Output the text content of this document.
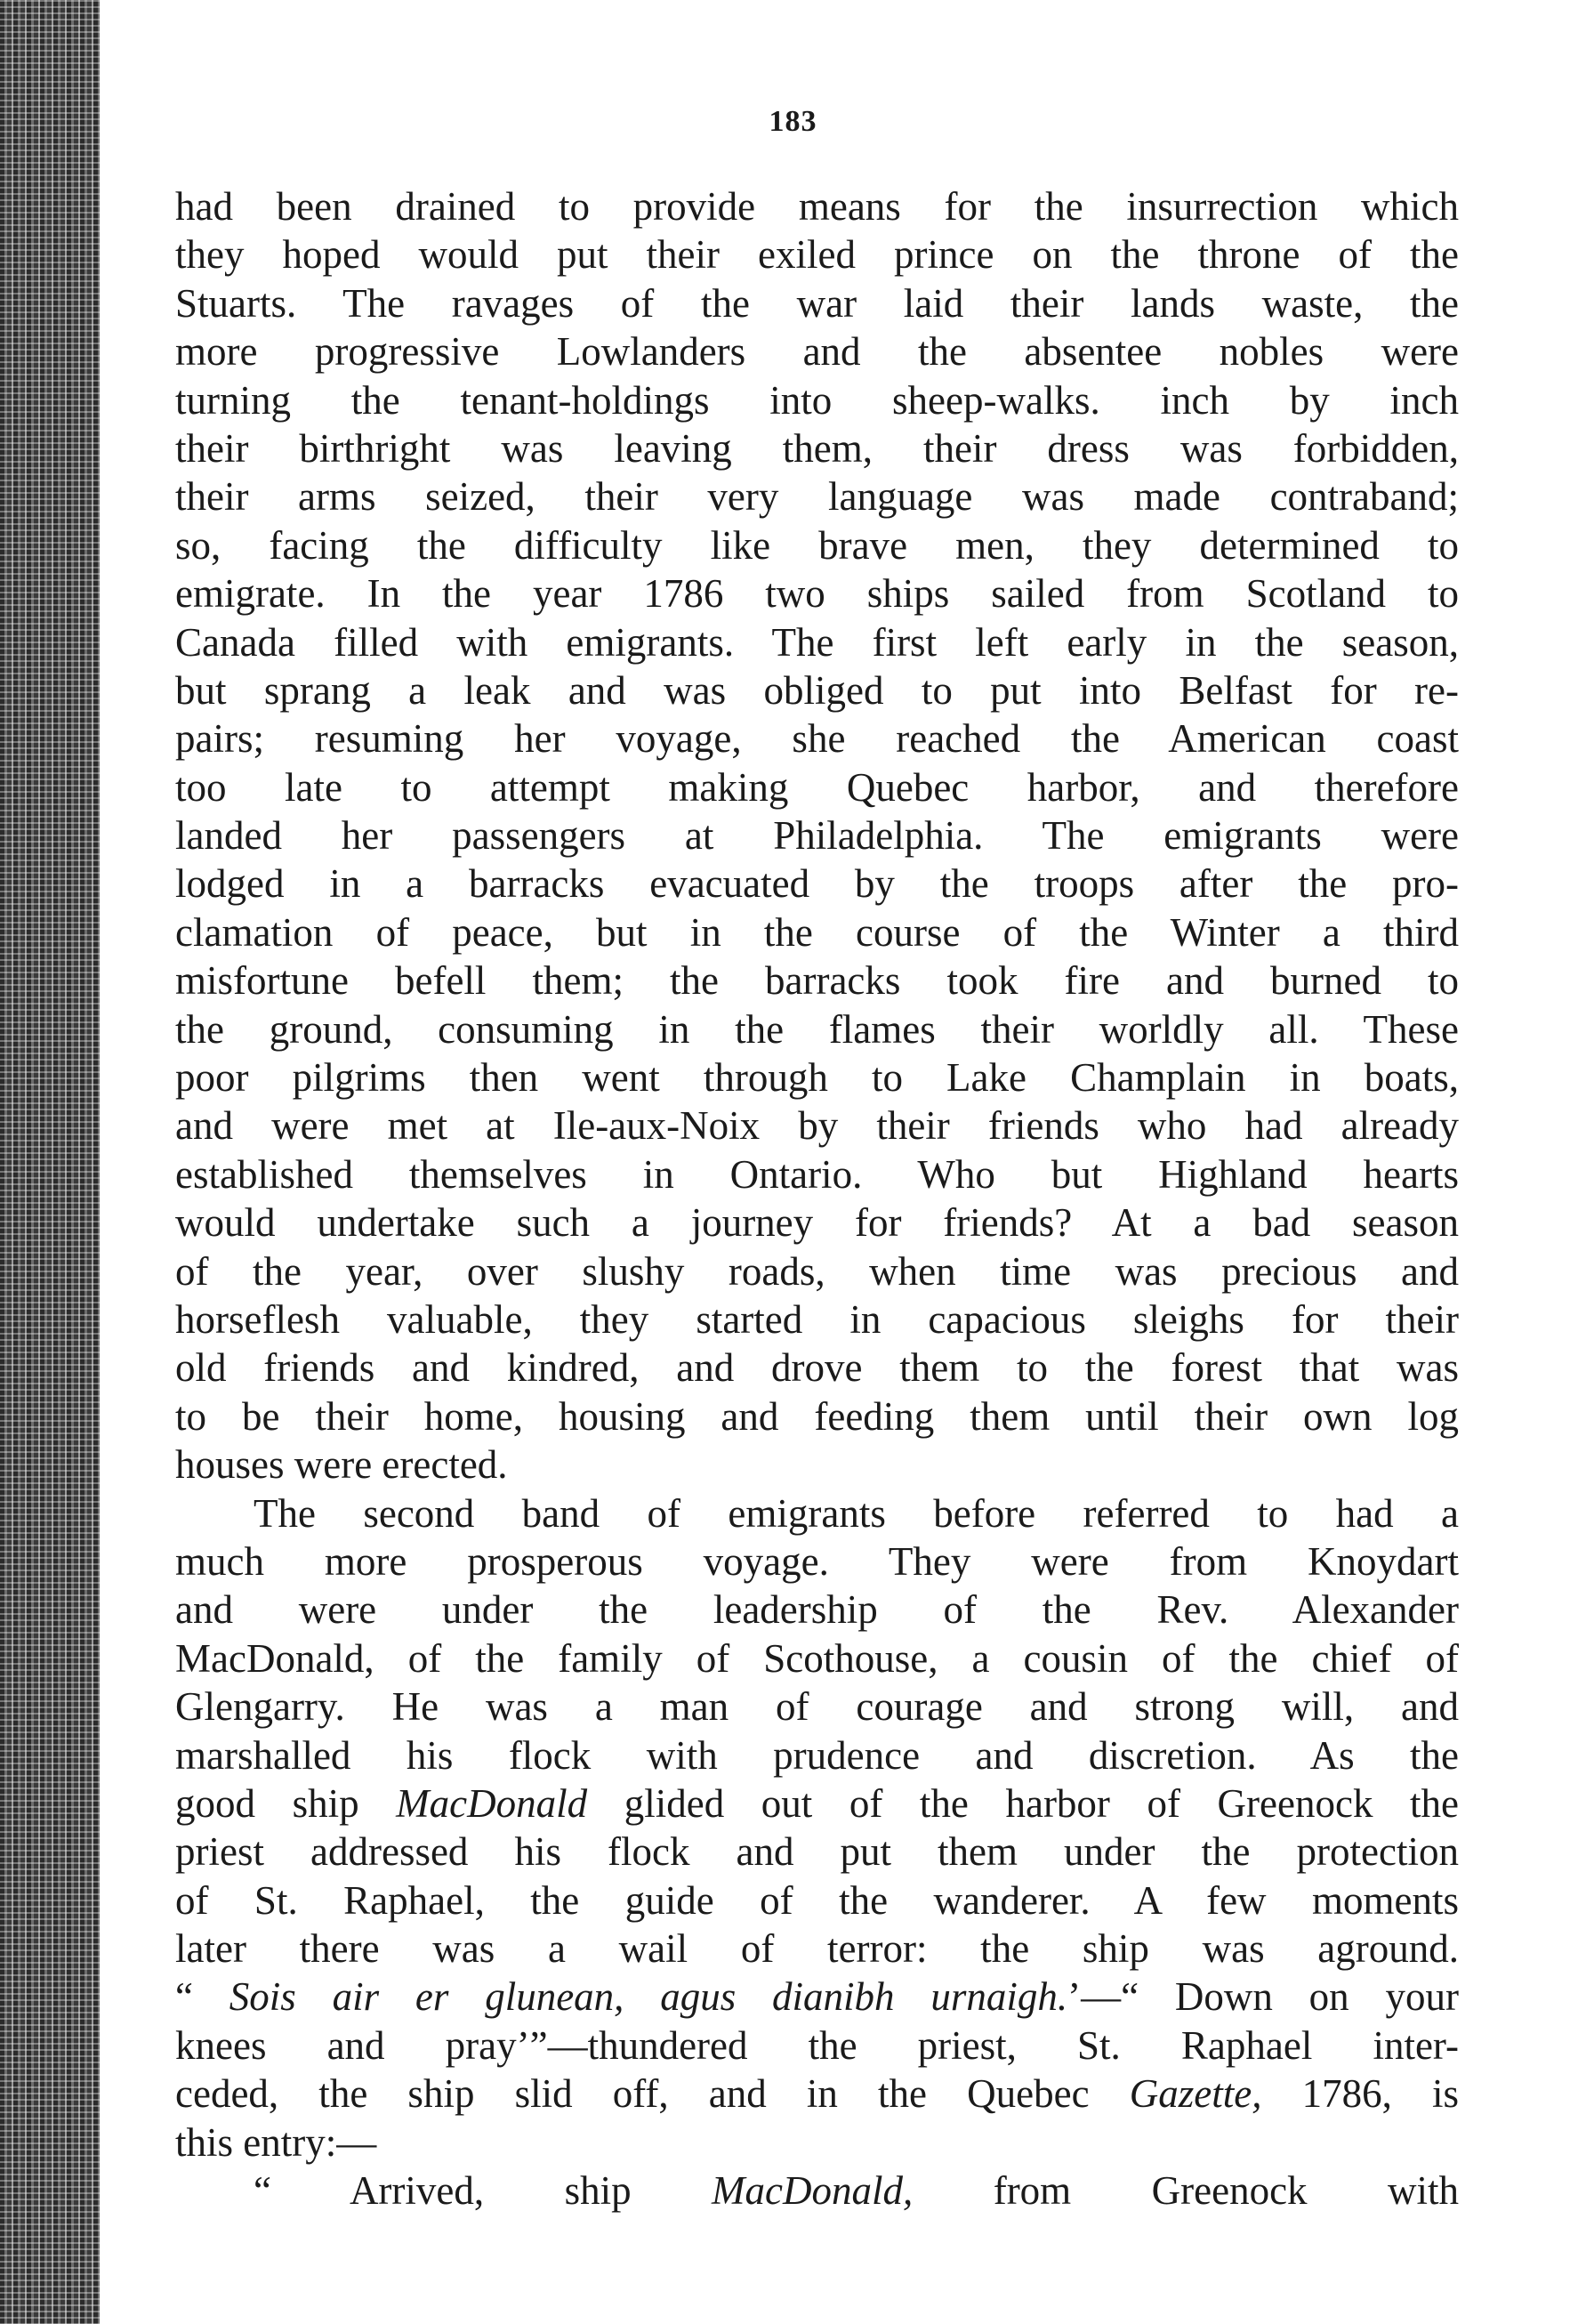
183
had been drained to provide means for the insurrection which
they hoped would put their exiled prince on the throne of the
Stuarts. The ravages of the war laid their lands waste, the
more progressive Lowlanders and the absentee nobles were
turning the tenant-holdings into sheep-walks. inch by inch
their birthright was leaving them, their dress was forbidden,
their arms seized, their very language was made contraband;
so, facing the difficulty like brave men, they determined to
emigrate. In the year 1786 two ships sailed from Scotland to
Canada filled with emigrants. The first left early in the season,
but sprang a leak and was obliged to put into Belfast for re-
pairs; resuming her voyage, she reached the American coast
too late to attempt making Quebec harbor, and therefore
landed her passengers at Philadelphia. The emigrants were
lodged in a barracks evacuated by the troops after the pro-
clamation of peace, but in the course of the Winter a third
misfortune befell them; the barracks took fire and burned to
the ground, consuming in the flames their worldly all. These
poor pilgrims then went through to Lake Champlain in boats,
and were met at Ile-aux-Noix by their friends who had already
established themselves in Ontario. Who but Highland hearts
would undertake such a journey for friends? At a bad season
of the year, over slushy roads, when time was precious and
horseflesh valuable, they started in capacious sleighs for their
old friends and kindred, and drove them to the forest that was
to be their home, housing and feeding them until their own log
houses were erected.
The second band of emigrants before referred to had a
much more prosperous voyage. They were from Knoydart
and were under the leadership of the Rev. Alexander
MacDonald, of the family of Scothouse, a cousin of the chief of
Glengarry. He was a man of courage and strong will, and
marshalled his flock with prudence and discretion. As the
good ship MacDonald glided out of the harbor of Greenock the
priest addressed his flock and put them under the protection
of St. Raphael, the guide of the wanderer. A few moments
later there was a wail of terror: the ship was aground.
“ Sois air er glunean, agus dianibh urnaigh.’—“ Down on your
knees and pray’”—thundered the priest, St. Raphael inter-
ceded, the ship slid off, and in the Quebec Gazette, 1786, is
this entry:—
“ Arrived, ship MacDonald, from Greenock with
